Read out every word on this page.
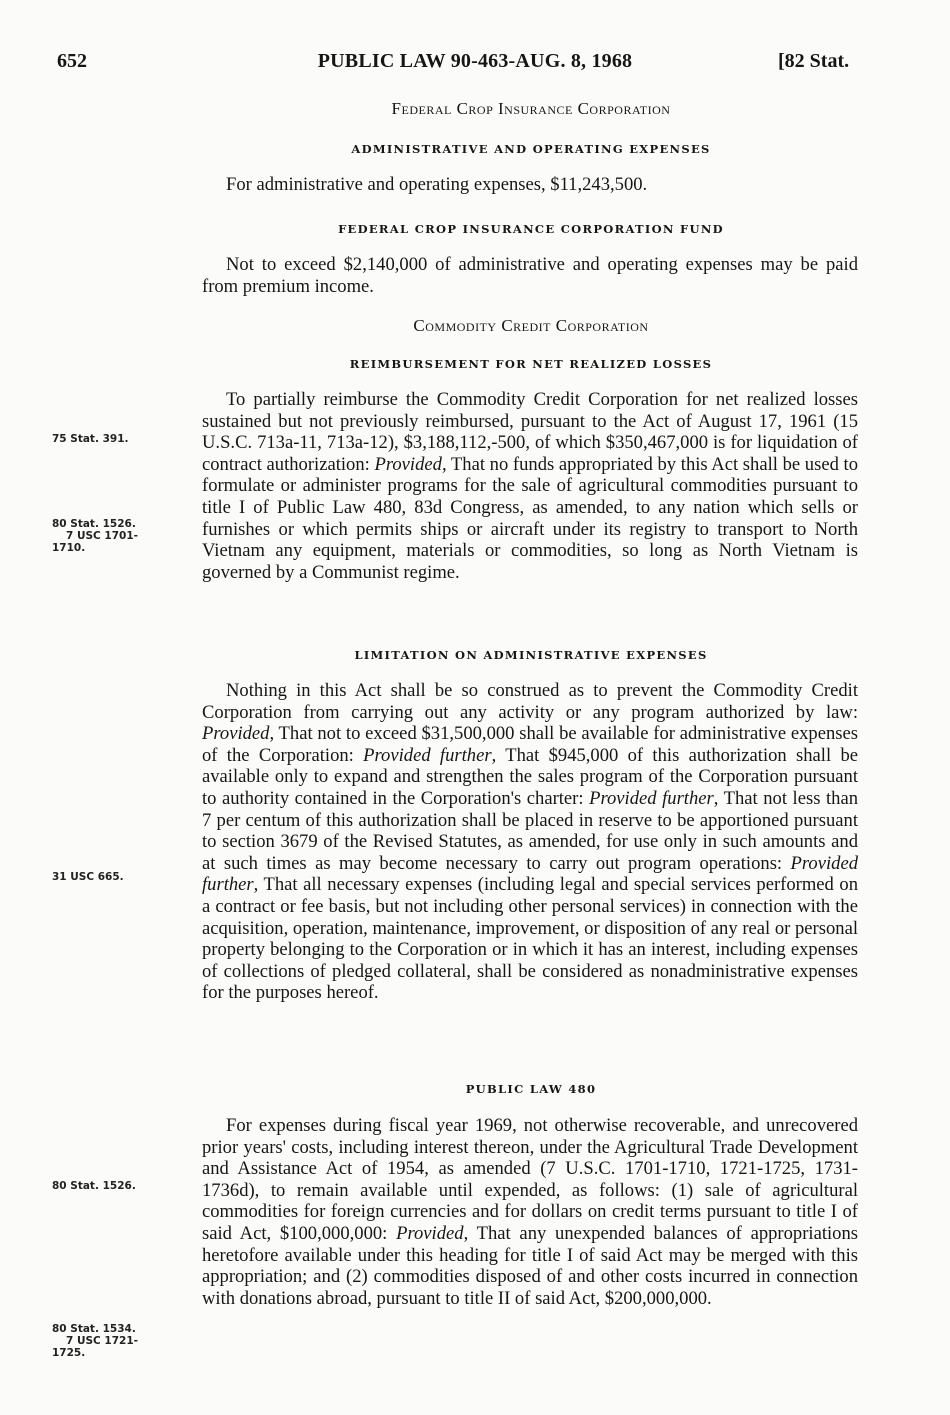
652	PUBLIC LAW 90-463-AUG. 8, 1968	[82 Stat.
Federal Crop Insurance Corporation
ADMINISTRATIVE AND OPERATING EXPENSES

For administrative and operating expenses, $11,243,500.

FEDERAL CROP INSURANCE CORPORATION FUND

Not to exceed $2,140,000 of administrative and operating expenses may be paid from premium income.

Commodity Credit Corporation
REIMBURSEMENT FOR NET REALIZED LOSSES

To partially reimburse the Commodity Credit Corporation for net realized losses sustained but not previously reimbursed, pursuant to the Act of August 17, 1961 (15 U.S.C. 713a-11, 713a-12), $3,188,112,-500, of which $350,467,000 is for liquidation of contract authorization: Provided, That no funds appropriated by this Act shall be used to formulate or administer programs for the sale of agricultural commodities pursuant to title I of Public Law 480, 83d Congress, as amended, to any nation which sells or furnishes or which permits ships or aircraft under its registry to transport to North Vietnam any equipment, materials or commodities, so long as North Vietnam is governed by a Communist regime.

75 Stat. 391.
80 Stat. 1526.
7 USC 1701-
1710.
LIMITATION ON ADMINISTRATIVE EXPENSES

Nothing in this Act shall be so construed as to prevent the Commodity Credit Corporation from carrying out any activity or any program authorized by law: Provided, That not to exceed $31,500,000 shall be available for administrative expenses of the Corporation: Provided further, That $945,000 of this authorization shall be available only to expand and strengthen the sales program of the Corporation pursuant to authority contained in the Corporation's charter: Provided further, That not less than 7 per centum of this authorization shall be placed in reserve to be apportioned pursuant to section 3679 of the Revised Statutes, as amended, for use only in such amounts and at such times as may become necessary to carry out program operations: Provided further, That all necessary expenses (including legal and special services performed on a contract or fee basis, but not including other personal services) in connection with the acquisition, operation, maintenance, improvement, or disposition of any real or personal property belonging to the Corporation or in which it has an interest, including expenses of collections of pledged collateral, shall be considered as nonadministrative expenses for the purposes hereof.

31 USC 665.
PUBLIC LAW 480

For expenses during fiscal year 1969, not otherwise recoverable, and unrecovered prior years' costs, including interest thereon, under the Agricultural Trade Development and Assistance Act of 1954, as amended (7 U.S.C. 1701-1710, 1721-1725, 1731-1736d), to remain available until expended, as follows: (1) sale of agricultural commodities for foreign currencies and for dollars on credit terms pursuant to title I of said Act, $100,000,000: Provided, That any unexpended balances of appropriations heretofore available under this heading for title I of said Act may be merged with this appropriation; and (2) commodities disposed of and other costs incurred in connection with donations abroad, pursuant to title II of said Act, $200,000,000.

80 Stat. 1526.
80 Stat. 1534.
7 USC 1721-
1725.
